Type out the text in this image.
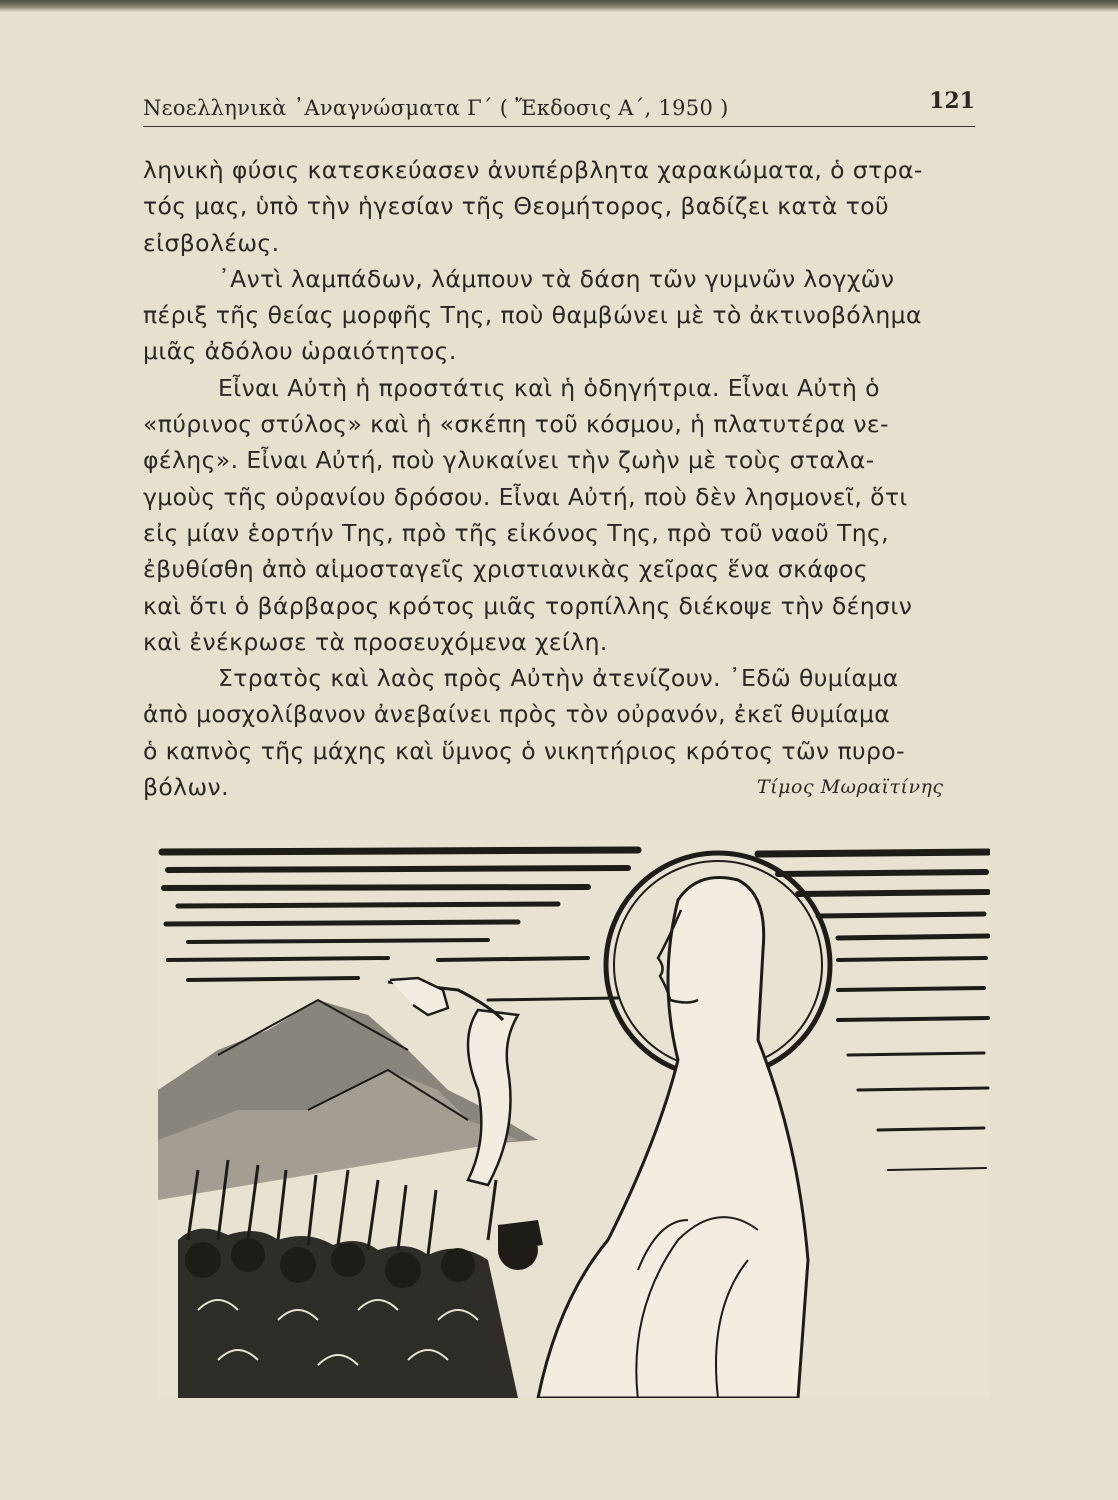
Νεοελληνικὰ ᾽Αναγνώσματα Γ΄ ( Ἔκδοσις Α΄, 1950 )	121
ληνικὴ φύσις κατεσκεύασεν ἀνυπέρβλητα χαρακώματα, ὁ στρα-
τός μας, ὑπὸ τὴν ἡγεσίαν τῆς Θεομήτορος, βαδίζει κατὰ τοῦ
εἰσβολέως.
᾽Αντὶ λαμπάδων, λάμπουν τὰ δάση τῶν γυμνῶν λογχῶν
πέριξ τῆς θείας μορφῆς Της, ποὺ θαμβώνει μὲ τὸ ἀκτινοβόλημα
μιᾶς ἀδόλου ὡραιότητος.
Εἶναι Αὐτὴ ἡ προστάτις καὶ ἡ ὁδηγήτρια. Εἶναι Αὐτὴ ὁ
«πύρινος στύλος» καὶ ἡ «σκέπη τοῦ κόσμου, ἡ πλατυτέρα νε-
φέλης». Εἶναι Αὐτή, ποὺ γλυκαίνει τὴν ζωὴν μὲ τοὺς σταλα-
γμοὺς τῆς οὐρανίου δρόσου. Εἶναι Αὐτή, ποὺ δὲν λησμονεῖ, ὅτι
εἰς μίαν ἑορτήν Της, πρὸ τῆς εἰκόνος Της, πρὸ τοῦ ναοῦ Της,
ἐβυθίσθη ἀπὸ αἱμοσταγεῖς χριστιανικὰς χεῖρας ἕνα σκάφος
καὶ ὅτι ὁ βάρβαρος κρότος μιᾶς τορπίλλης διέκοψε τὴν δέησιν
καὶ ἐνέκρωσε τὰ προσευχόμενα χείλη.
Στρατὸς καὶ λαὸς πρὸς Αὐτὴν ἀτενίζουν. ᾽Εδῶ θυμίαμα
ἀπὸ μοσχολίβανον ἀνεβαίνει πρὸς τὸν οὐρανόν, ἐκεῖ θυμίαμα
ὁ καπνὸς τῆς μάχης καὶ ὕμνος ὁ νικητήριος κρότος τῶν πυρο-
βόλων.	Τίμος Μωραϊτίνης
